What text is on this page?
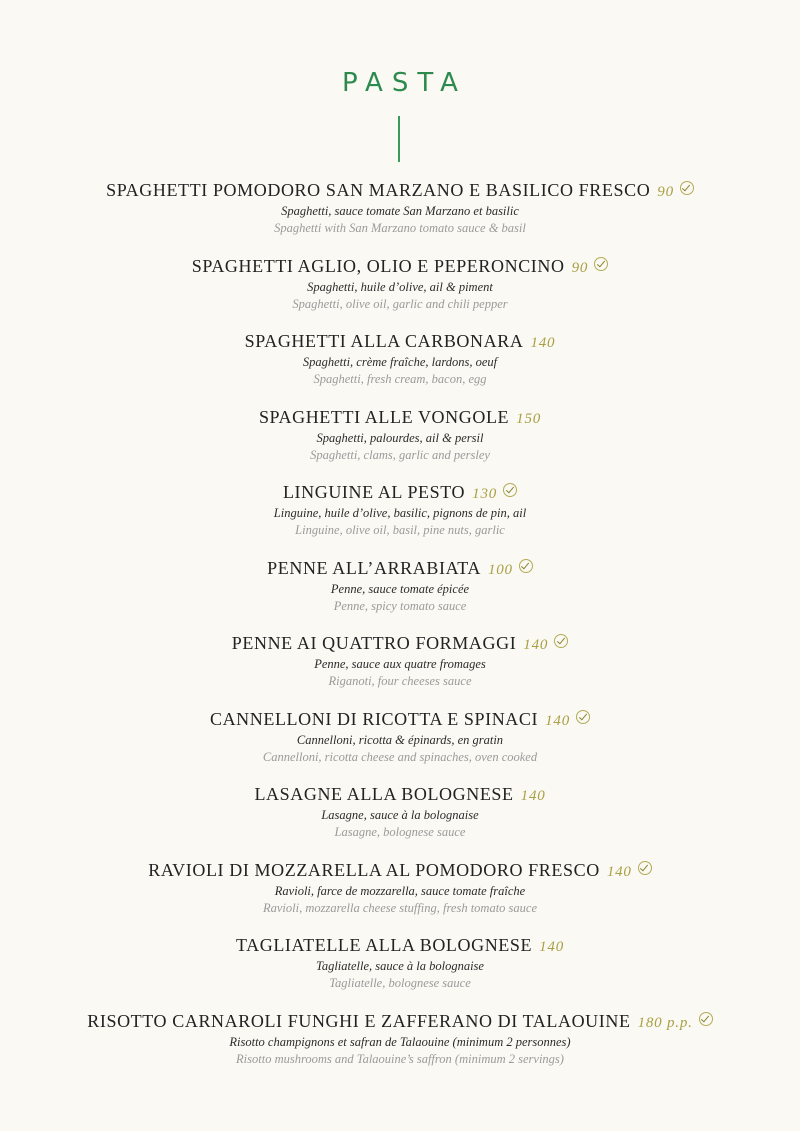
PASTA
SPAGHETTI POMODORO SAN MARZANO E BASILICO FRESCO 90
Spaghetti, sauce tomate San Marzano et basilic
Spaghetti with San Marzano tomato sauce & basil
SPAGHETTI AGLIO, OLIO E PEPERONCINO 90
Spaghetti, huile d’olive, ail & piment
Spaghetti, olive oil, garlic and chili pepper
SPAGHETTI ALLA CARBONARA 140
Spaghetti, crème fraîche, lardons, oeuf
Spaghetti, fresh cream, bacon, egg
SPAGHETTI ALLE VONGOLE 150
Spaghetti, palourdes, ail & persil
Spaghetti, clams, garlic and persley
LINGUINE AL PESTO 130
Linguine, huile d’olive, basilic, pignons de pin, ail
Linguine, olive oil, basil, pine nuts, garlic
PENNE ALL’ARRABIATA 100
Penne, sauce tomate épicée
Penne, spicy tomato sauce
PENNE AI QUATTRO FORMAGGI 140
Penne, sauce aux quatre fromages
Riganoti, four cheeses sauce
CANNELLONI DI RICOTTA E SPINACI 140
Cannelloni, ricotta & épinards, en gratin
Cannelloni, ricotta cheese and spinaches, oven cooked
LASAGNE ALLA BOLOGNESE 140
Lasagne, sauce à la bolognaise
Lasagne, bolognese sauce
RAVIOLI DI MOZZARELLA AL POMODORO FRESCO 140
Ravioli, farce de mozzarella, sauce tomate fraîche
Ravioli, mozzarella cheese stuffing, fresh tomato sauce
TAGLIATELLE ALLA BOLOGNESE 140
Tagliatelle, sauce à la bolognaise
Tagliatelle, bolognese sauce
RISOTTO CARNAROLI FUNGHI E ZAFFERANO DI TALAOUINE 180 p.p.
Risotto champignons et safran de Talaouine (minimum 2 personnes)
Risotto mushrooms and Talaouine’s saffron (minimum 2 servings)
